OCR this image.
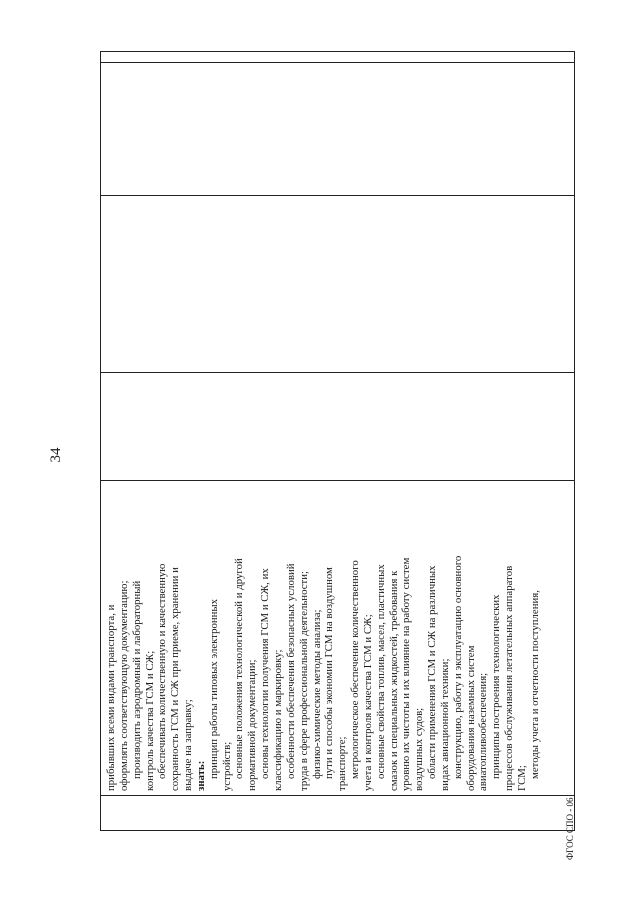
34

прибывших всеми видами транспорта, и оформлять соответствующую документацию; производить аэродромный и лабораторный контроль качества ГСМ и СЖ; обеспечивать количественную и качественную сохранность ГСМ и СЖ при приеме, хранении и выдаче на заправку; знать: принцип работы типовых электронных устройств; основные положения технологической и другой нормативной документации; основы технологии получения ГСМ и СЖ, их классификацию и маркировку; особенности обеспечения безопасных условий труда в сфере профессиональной деятельности; физико-химические методы анализа; пути и способы экономии ГСМ на воздушном транспорте; метрологическое обеспечение количественного учета и контроля качества ГСМ и СЖ; основные свойства топлив, масел, пластичных смазок и специальных жидкостей, требования к уровню их чистоты и их влияние на работу систем воздушных судов; области применения ГСМ и СЖ на различных видах авиационной техники; конструкцию, работу и эксплуатацию основного оборудования наземных систем авиатопливообеспечения; принципы построения технологических процессов обслуживания летательных аппаратов ГСМ; методы учета и отчетности поступления,

ФГОС СПО - 06
